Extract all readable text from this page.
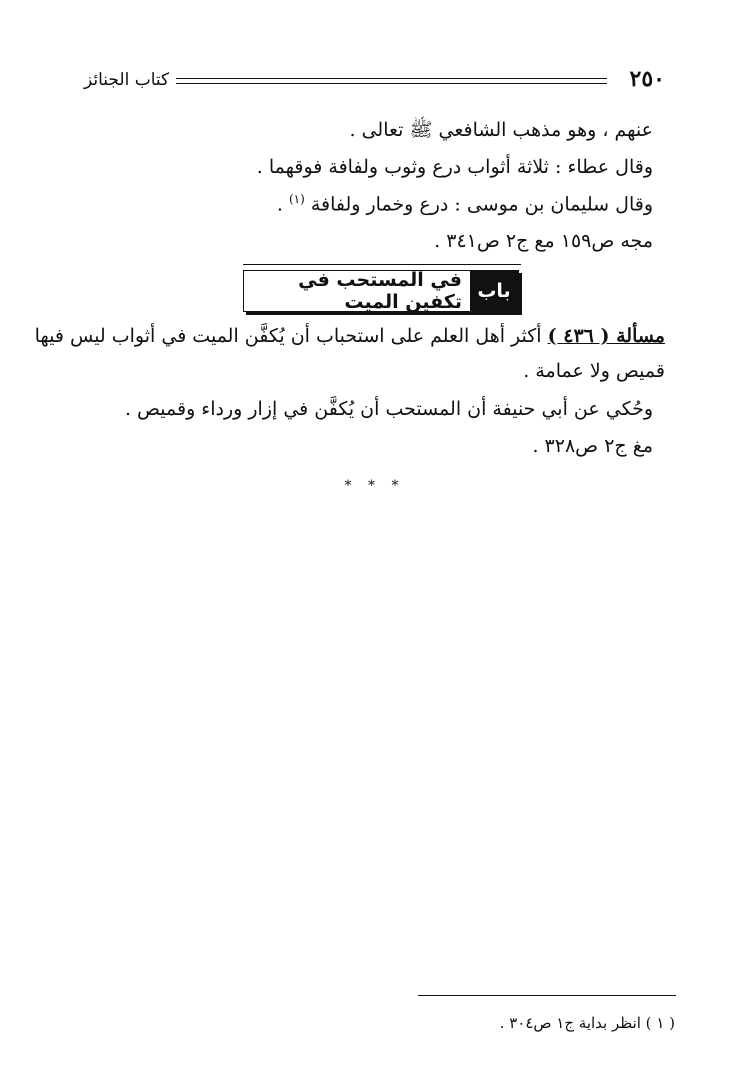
٢٥٠
كتاب الجنائز
عنهم ، وهو مذهب الشافعي ﷺ تعالى .
وقال عطاء : ثلاثة أثواب درع وثوب ولفافة فوقهما .
وقال سليمان بن موسى : درع وخمار ولفافة $^{(١)}$ .
مجه ص١٥٩ مع ج٢ ص٣٤١ .
باب
في المستحب في تكفين الميت
مسألة ( ٤٣٦ ) أكثر أهل العلم على استحباب أن يُكفَّن الميت في أثواب ليس فيها
قميص ولا عمامة .
وحُكي عن أبي حنيفة أن المستحب أن يُكفَّن في إزار ورداء وقميص .
مغ ج٢ ص٣٢٨ .
* * *
( ١ ) انظر بداية ج١ ص٣٠٤ .
